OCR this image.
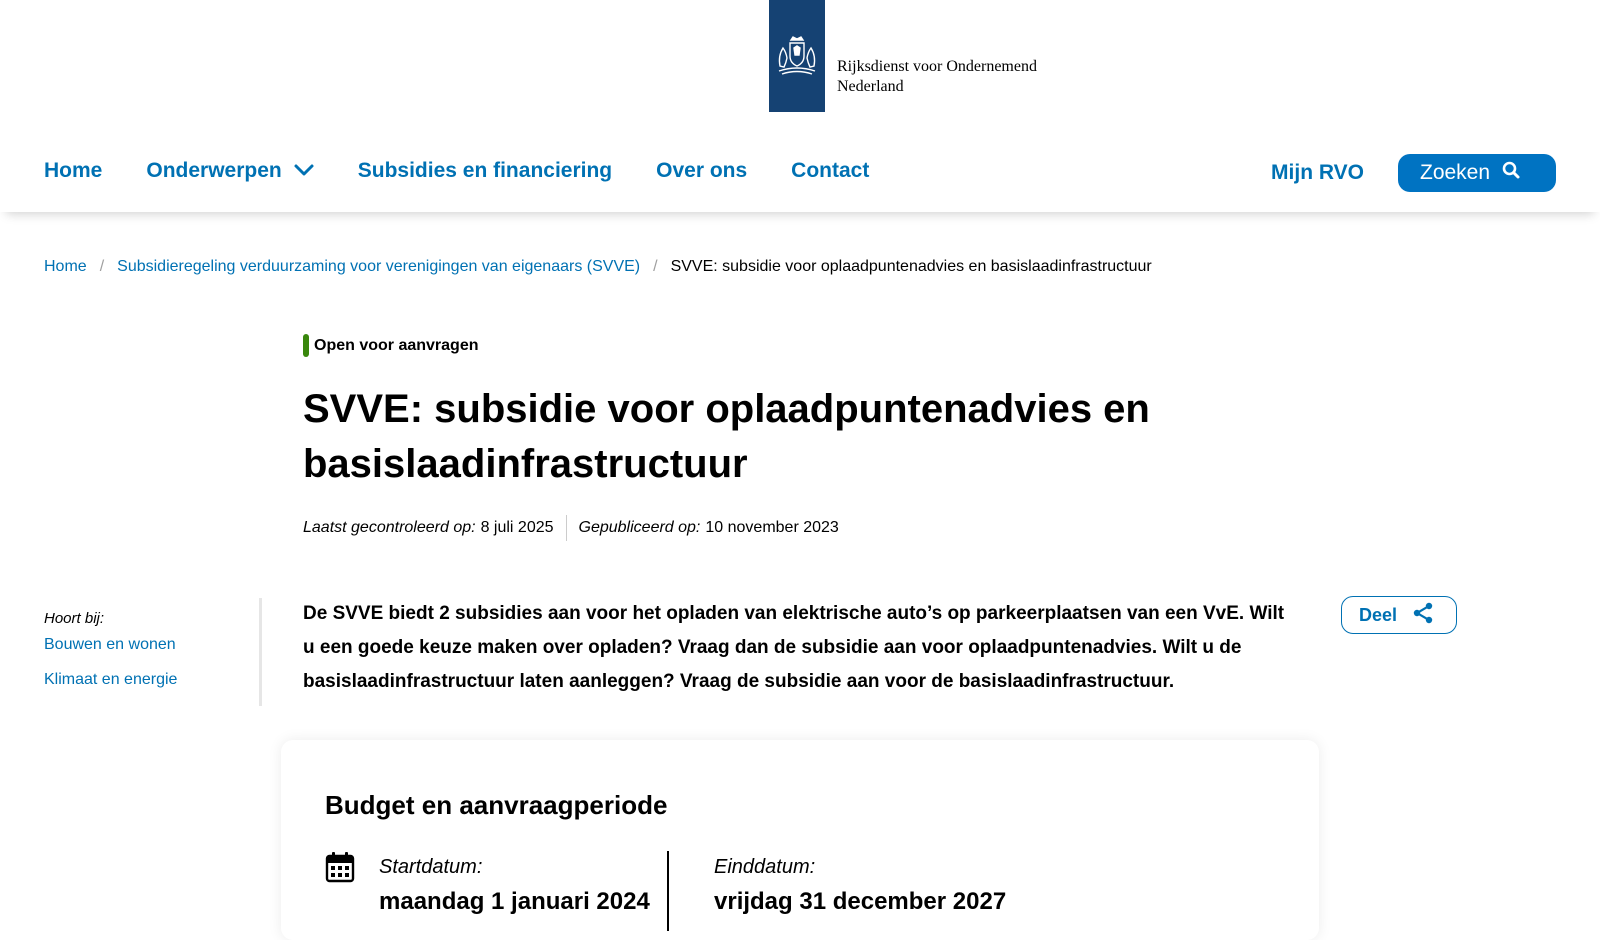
Rijksdienst voor Ondernemend
Nederland
Home Onderwerpen	Subsidies en financiering Over ons Contact	Mijn RVO	Zoeken
Home / Subsidieregeling verduurzaming voor verenigingen van eigenaars (SVVE) / SVVE: subsidie voor oplaadpuntenadvies en basislaadinfrastructuur
Open voor aanvragen
SVVE: subsidie voor oplaadpuntenadvies en basislaadinfrastructuur
Laatst gecontroleerd op: 8 juli 2025 Gepubliceerd op: 10 november 2023
Hoort bij:
Bouwen en wonen
Klimaat en energie

De SVVE biedt 2 subsidies aan voor het opladen van elektrische auto’s op parkeerplaatsen van een VvE. Wilt u een goede keuze maken over opladen? Vraag dan de subsidie aan voor oplaadpuntenadvies. Wilt u de basislaadinfrastructuur laten aanleggen? Vraag de subsidie aan voor de basislaadinfrastructuur.

Deel
Budget en aanvraagperiode
Startdatum:
maandag 1 januari 2024
Einddatum:
vrijdag 31 december 2027
